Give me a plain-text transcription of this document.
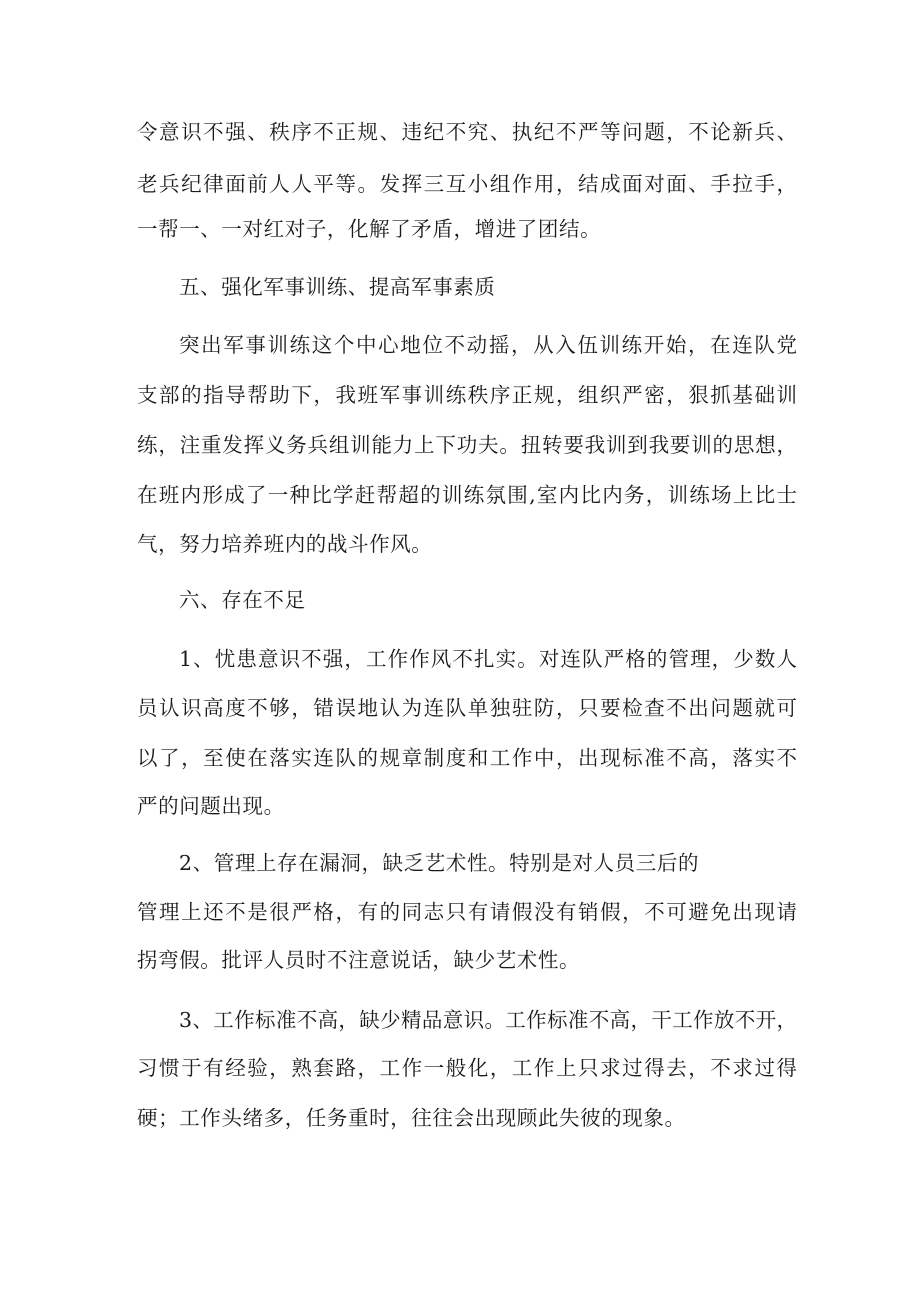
令意识不强、秩序不正规、违纪不究、执纪不严等问题，不论新兵、
老兵纪律面前人人平等。发挥三互小组作用，结成面对面、手拉手，
一帮一、一对红对子，化解了矛盾，增进了团结。
五、强化军事训练、提高军事素质
突出军事训练这个中心地位不动摇，从入伍训练开始，在连队党
支部的指导帮助下，我班军事训练秩序正规，组织严密，狠抓基础训
练，注重发挥义务兵组训能力上下功夫。扭转要我训到我要训的思想，
在班内形成了一种比学赶帮超的训练氛围,室内比内务，训练场上比士
气，努力培养班内的战斗作风。
六、存在不足
1、忧患意识不强，工作作风不扎实。对连队严格的管理，少数人
员认识高度不够，错误地认为连队单独驻防，只要检查不出问题就可
以了，至使在落实连队的规章制度和工作中，出现标准不高，落实不
严的问题出现。
2、管理上存在漏洞，缺乏艺术性。特别是对人员三后的
管理上还不是很严格，有的同志只有请假没有销假，不可避免出现请
拐弯假。批评人员时不注意说话，缺少艺术性。
3、工作标准不高，缺少精品意识。工作标准不高，干工作放不开，
习惯于有经验，熟套路，工作一般化，工作上只求过得去，不求过得
硬；工作头绪多，任务重时，往往会出现顾此失彼的现象。
